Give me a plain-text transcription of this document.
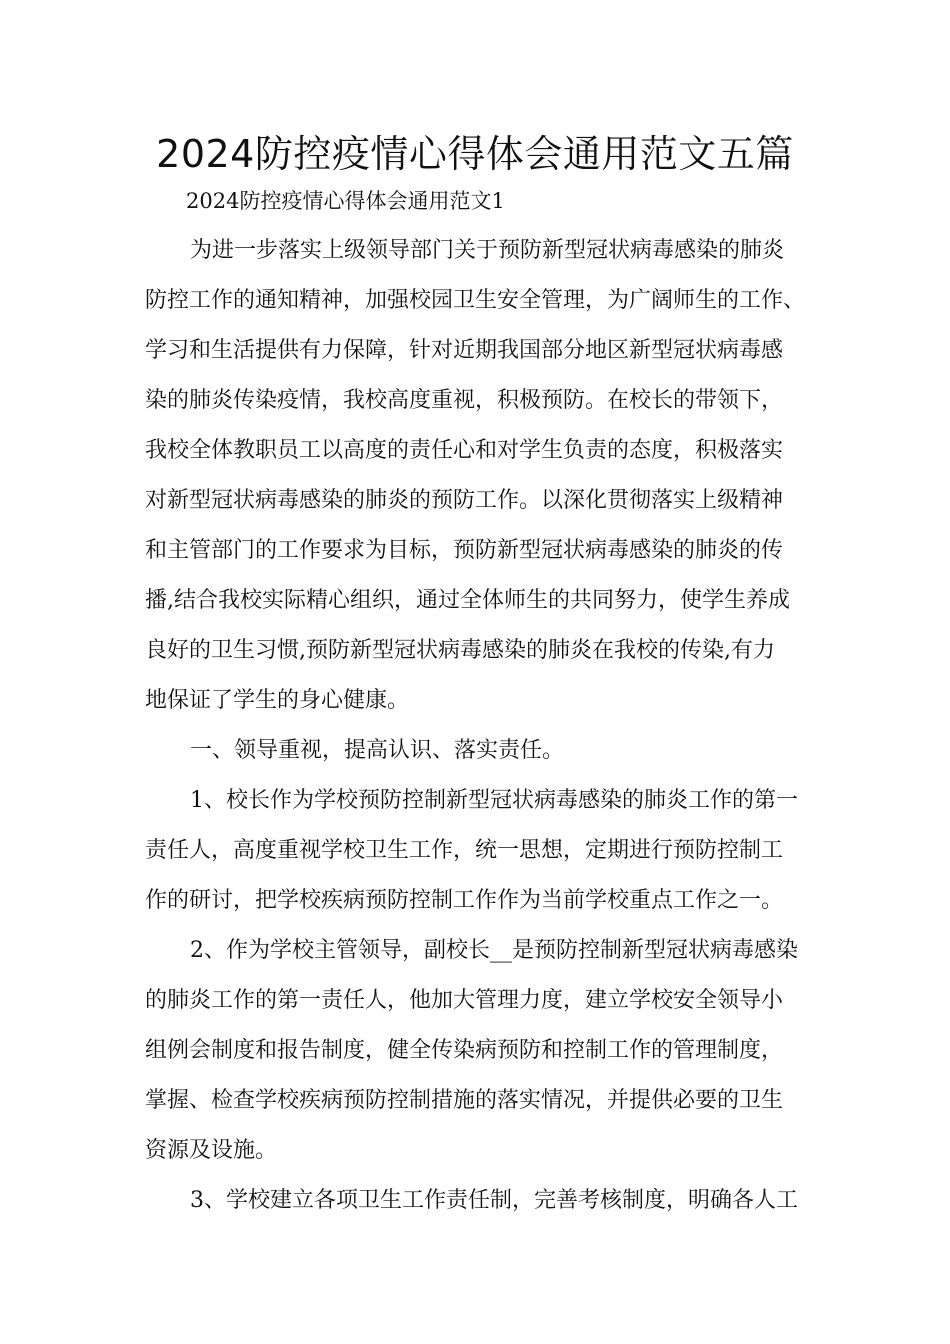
2024防控疫情心得体会通用范文五篇

2024防控疫情心得体会通用范文1

为进一步落实上级领导部门关于预防新型冠状病毒感染的肺炎

防控工作的通知精神，加强校园卫生安全管理，为广阔师生的工作、

学习和生活提供有力保障，针对近期我国部分地区新型冠状病毒感

染的肺炎传染疫情，我校高度重视，积极预防。在校长的带领下，

我校全体教职员工以高度的责任心和对学生负责的态度，积极落实

对新型冠状病毒感染的肺炎的预防工作。以深化贯彻落实上级精神

和主管部门的工作要求为目标，预防新型冠状病毒感染的肺炎的传

播,结合我校实际精心组织，通过全体师生的共同努力，使学生养成

良好的卫生习惯,预防新型冠状病毒感染的肺炎在我校的传染,有力

地保证了学生的身心健康。

一、领导重视，提高认识、落实责任。

1、校长作为学校预防控制新型冠状病毒感染的肺炎工作的第一

责任人，高度重视学校卫生工作，统一思想，定期进行预防控制工

作的研讨，把学校疾病预防控制工作作为当前学校重点工作之一。

2、作为学校主管领导，副校长__是预防控制新型冠状病毒感染

的肺炎工作的第一责任人，他加大管理力度，建立学校安全领导小

组例会制度和报告制度，健全传染病预防和控制工作的管理制度，

掌握、检查学校疾病预防控制措施的落实情况，并提供必要的卫生

资源及设施。

3、学校建立各项卫生工作责任制，完善考核制度，明确各人工
